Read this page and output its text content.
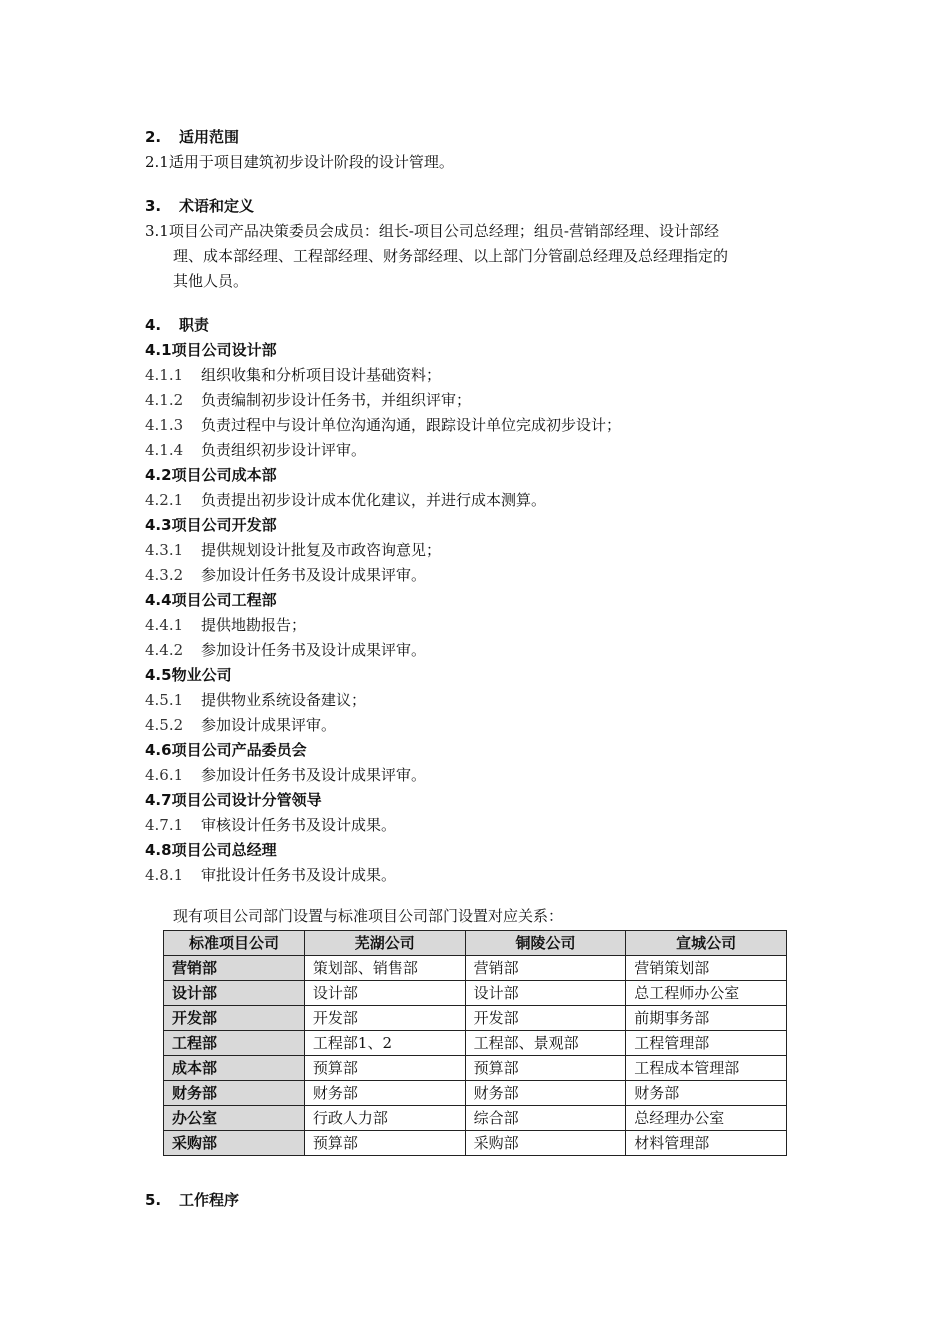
2. 适用范围
2.1适用于项目建筑初步设计阶段的设计管理。
3. 术语和定义
3.1项目公司产品决策委员会成员：组长-项目公司总经理；组员-营销部经理、设计部经
理、成本部经理、工程部经理、财务部经理、以上部门分管副总经理及总经理指定的
其他人员。
4. 职责
4.1项目公司设计部
4.1.1 组织收集和分析项目设计基础资料；
4.1.2 负责编制初步设计任务书，并组织评审；
4.1.3 负责过程中与设计单位沟通沟通，跟踪设计单位完成初步设计；
4.1.4 负责组织初步设计评审。
4.2项目公司成本部
4.2.1 负责提出初步设计成本优化建议，并进行成本测算。
4.3项目公司开发部
4.3.1 提供规划设计批复及市政咨询意见；
4.3.2 参加设计任务书及设计成果评审。
4.4项目公司工程部
4.4.1 提供地勘报告；
4.4.2 参加设计任务书及设计成果评审。
4.5物业公司
4.5.1 提供物业系统设备建议；
4.5.2 参加设计成果评审。
4.6项目公司产品委员会
4.6.1 参加设计任务书及设计成果评审。
4.7项目公司设计分管领导
4.7.1 审核设计任务书及设计成果。
4.8项目公司总经理
4.8.1 审批设计任务书及设计成果。
现有项目公司部门设置与标准项目公司部门设置对应关系：
标准项目公司	芜湖公司	铜陵公司	宣城公司
营销部	策划部、销售部	营销部	营销策划部
设计部	设计部	设计部	总工程师办公室
开发部	开发部	开发部	前期事务部
工程部	工程部1、2	工程部、景观部	工程管理部
成本部	预算部	预算部	工程成本管理部
财务部	财务部	财务部	财务部
办公室	行政人力部	综合部	总经理办公室
采购部	预算部	采购部	材料管理部
5. 工作程序
